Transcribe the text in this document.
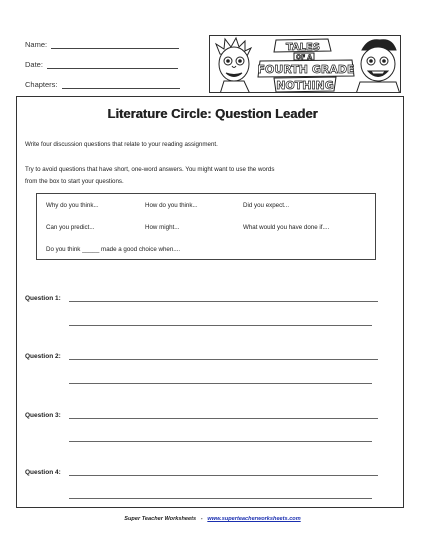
Name:
Date:
Chapters:
TALES
OF A
FOURTH GRADE
NOTHING
Literature Circle: Question Leader
Write four discussion questions that relate to your reading assignment.
Try to avoid questions that have short, one-word answers. You might want to use the words
from the box to start your questions.
Why do you think...	How do you think...	Did you expect...
Can you predict...	How might...	What would you have done if....
Do you think _____ made a good choice when....
Question 1:
Question 2:
Question 3:
Question 4:
Super Teacher Worksheets - www.superteacherworksheets.com
